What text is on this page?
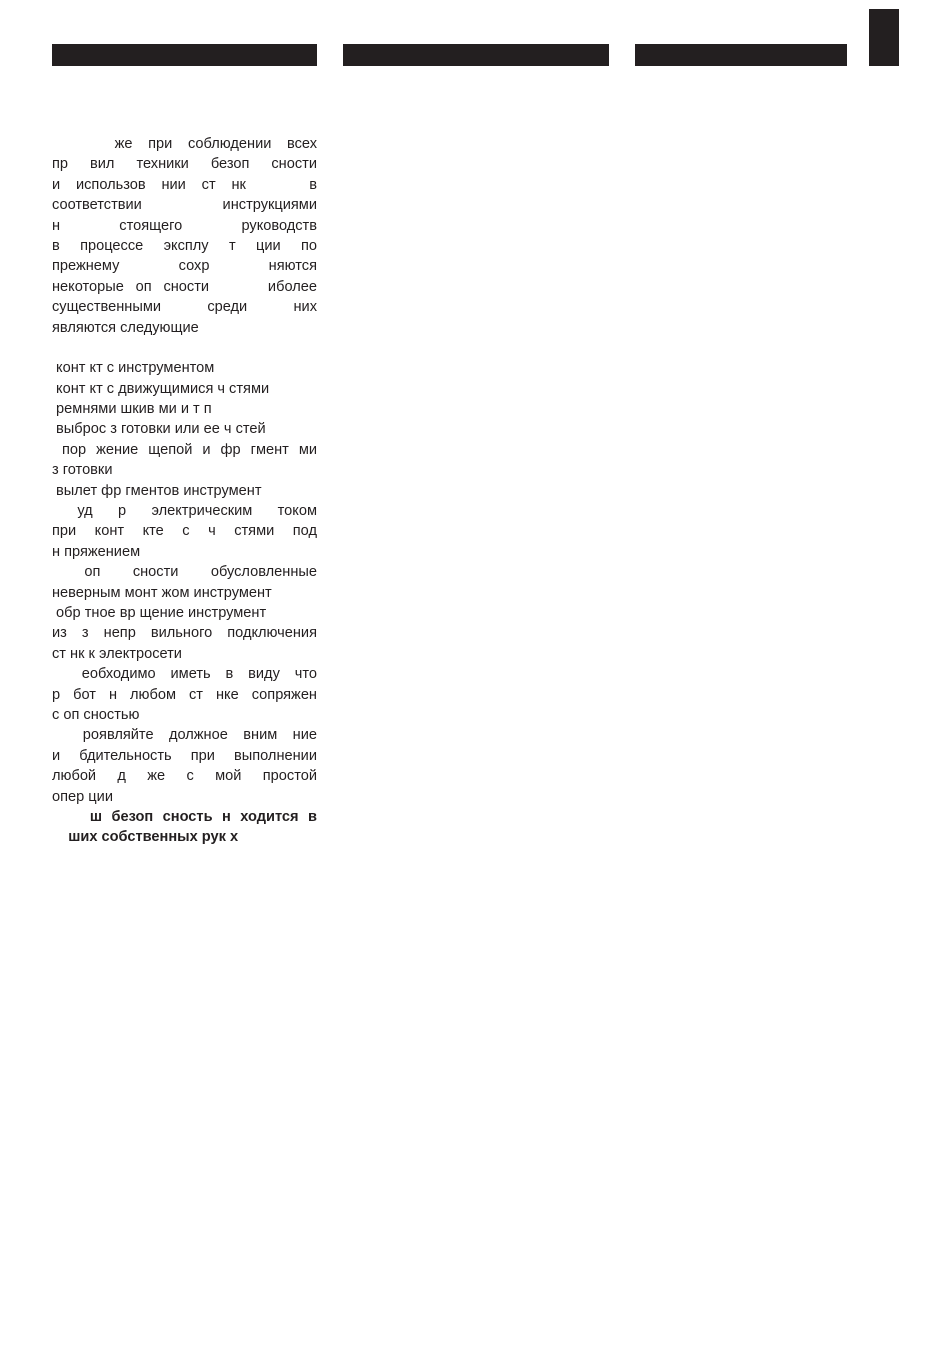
же при соблюдении всех
пр вил техники безоп сности
и использов нии ст нк    в
соответствии инструкциями
н стоящего руководств
в процессе эксплу т ции по
прежнему сохр няются
некоторые оп сности     иболее
существенными среди них
являются следующие
конт кт с инструментом
конт кт с движущимися ч стями
ремнями шкив ми и т п
выброс з готовки или ее ч стей
пор жение щепой и фр гмент ми
з готовки
вылет фр гментов инструмент
уд р электрическим током
при конт кте с ч стями под
н пряжением
оп сности обусловленные
неверным монт жом инструмент
обр тное вр щение инструмент
из з непр вильного подключения
ст нк к электросети
еобходимо иметь в виду что
р бот н любом ст нке сопряжен
с оп сностью
роявляйте должное вним ние
и бдительность при выполнении
любой д же с мой простой
опер ции
ш безоп сность н ходится в
ших собственных рук х
